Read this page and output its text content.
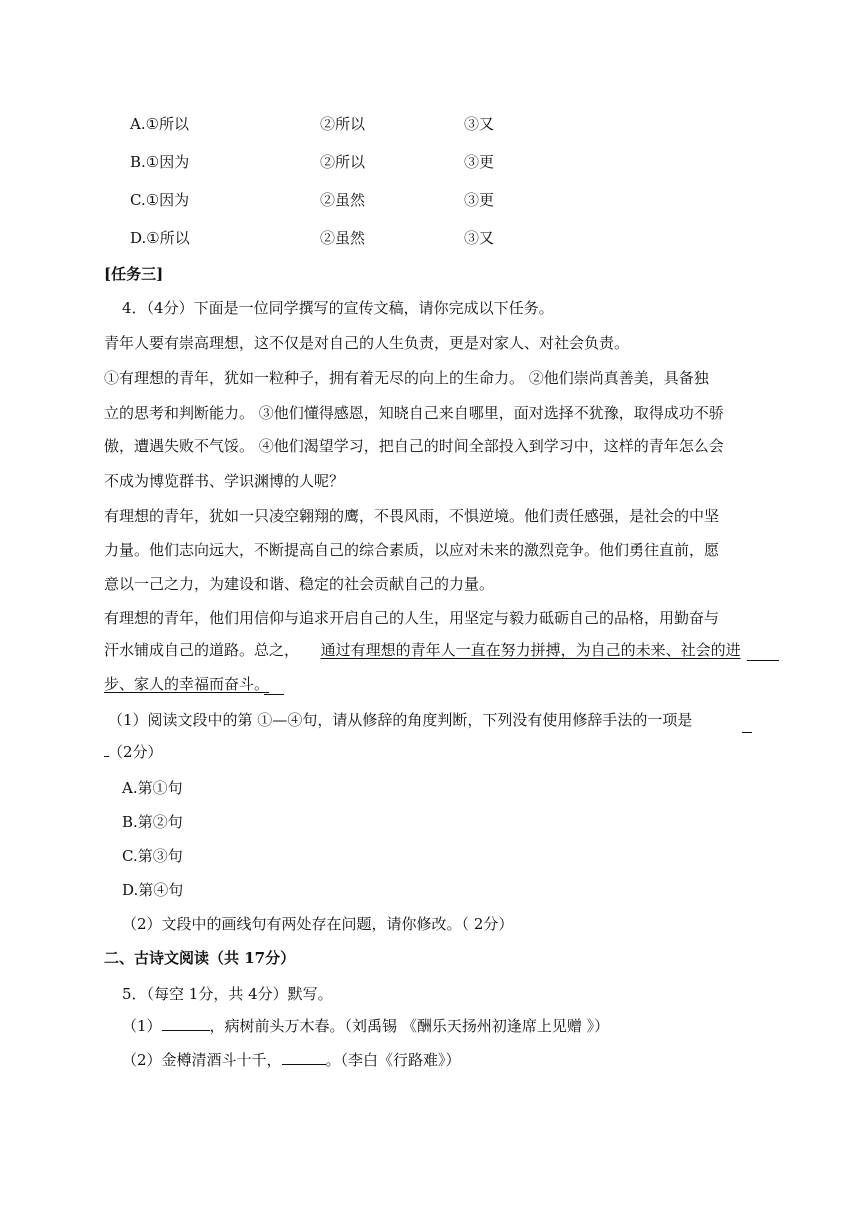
A.①所以	②所以	③又
B.①因为	②所以	③更
C.①因为	②虽然	③更
D.①所以	②虽然	③又
[任务三]
4．（4分）下面是一位同学撰写的宣传文稿，请你完成以下任务。
青年人要有崇高理想，这不仅是对自己的人生负责，更是对家人、对社会负责。
①有理想的青年，犹如一粒种子，拥有着无尽的向上的生命力。 ②他们崇尚真善美，具备独
立的思考和判断能力。 ③他们懂得感恩，知晓自己来自哪里，面对选择不犹豫，取得成功不骄
傲，遭遇失败不气馁。 ④他们渴望学习，把自己的时间全部投入到学习中，这样的青年怎么会
不成为博览群书、学识渊博的人呢？
有理想的青年，犹如一只凌空翱翔的鹰，不畏风雨，不惧逆境。他们责任感强，是社会的中坚
力量。他们志向远大，不断提高自己的综合素质，以应对未来的激烈竞争。他们勇往直前，愿
意以一己之力，为建设和谐、稳定的社会贡献自己的力量。
有理想的青年，他们用信仰与追求开启自己的人生，用坚定与毅力砥砺自己的品格，用勤奋与
汗水铺成自己的道路。总之， 通过有理想的青年人一直在努力拼搏，为自己的未来、社会的进
步、家人的幸福而奋斗。
（1）阅读文段中的第 ①—④句，请从修辞的角度判断，下列没有使用修辞手法的一项是
（2分）
A.第①句
B.第②句
C.第③句
D.第④句
（2）文段中的画线句有两处存在问题，请你修改。（ 2分）
二、古诗文阅读（共 17分）
5．（每空 1分，共 4分）默写。
（1）	，病树前头万木春。（刘禹锡 《酬乐天扬州初逢席上见赠 》）
（2）金樽清酒斗十千，	。（李白《行路难》）
